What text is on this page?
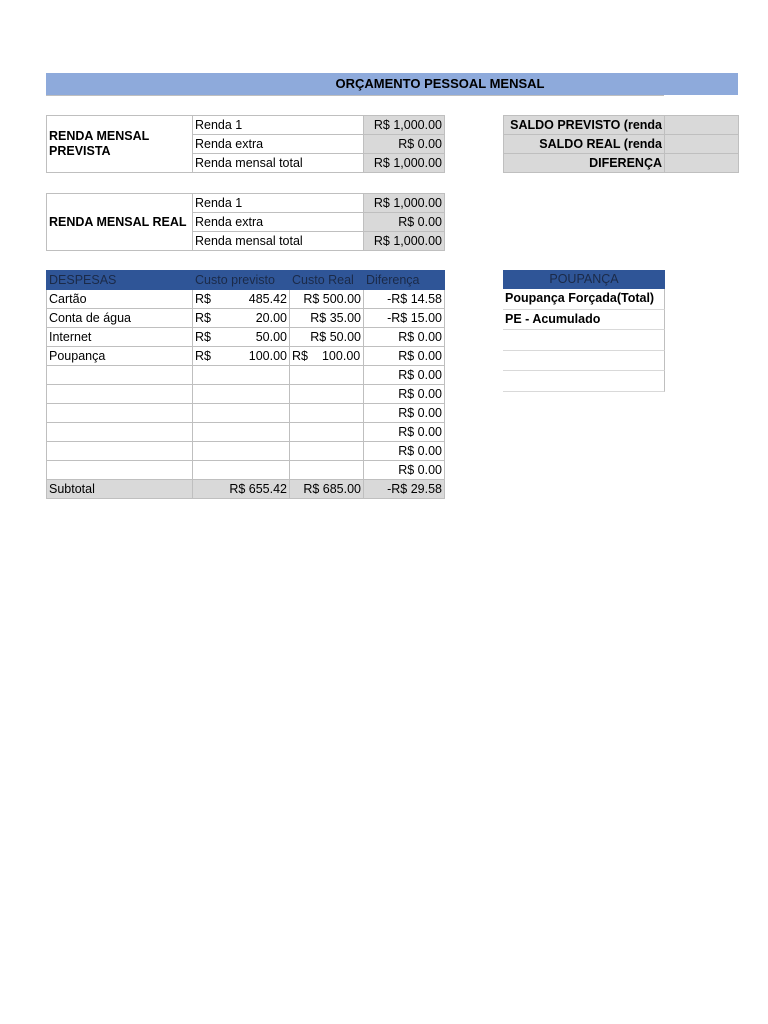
ORÇAMENTO PESSOAL MENSAL
RENDA MENSAL PREVISTA	Renda 1	R$ 1,000.00
	Renda extra	R$ 0.00
	Renda mensal total	R$ 1,000.00
SALDO PREVISTO (renda	
SALDO REAL (renda	
DIFERENÇA	
RENDA MENSAL REAL	Renda 1	R$ 1,000.00
	Renda extra	R$ 0.00
	Renda mensal total	R$ 1,000.00
DESPESAS	Custo previsto	Custo Real	Diferença
Cartão	R$ 485.42	R$ 500.00	-R$ 14.58
Conta de água	R$ 20.00	R$ 35.00	-R$ 15.00
Internet	R$ 50.00	R$ 50.00	R$ 0.00
Poupança	R$ 100.00	R$ 100.00	R$ 0.00
			R$ 0.00
			R$ 0.00
			R$ 0.00
			R$ 0.00
			R$ 0.00
			R$ 0.00
Subtotal	R$ 655.42	R$ 685.00	-R$ 29.58
POUPANÇA
Poupança Forçada(Total)
PE - Acumulado
